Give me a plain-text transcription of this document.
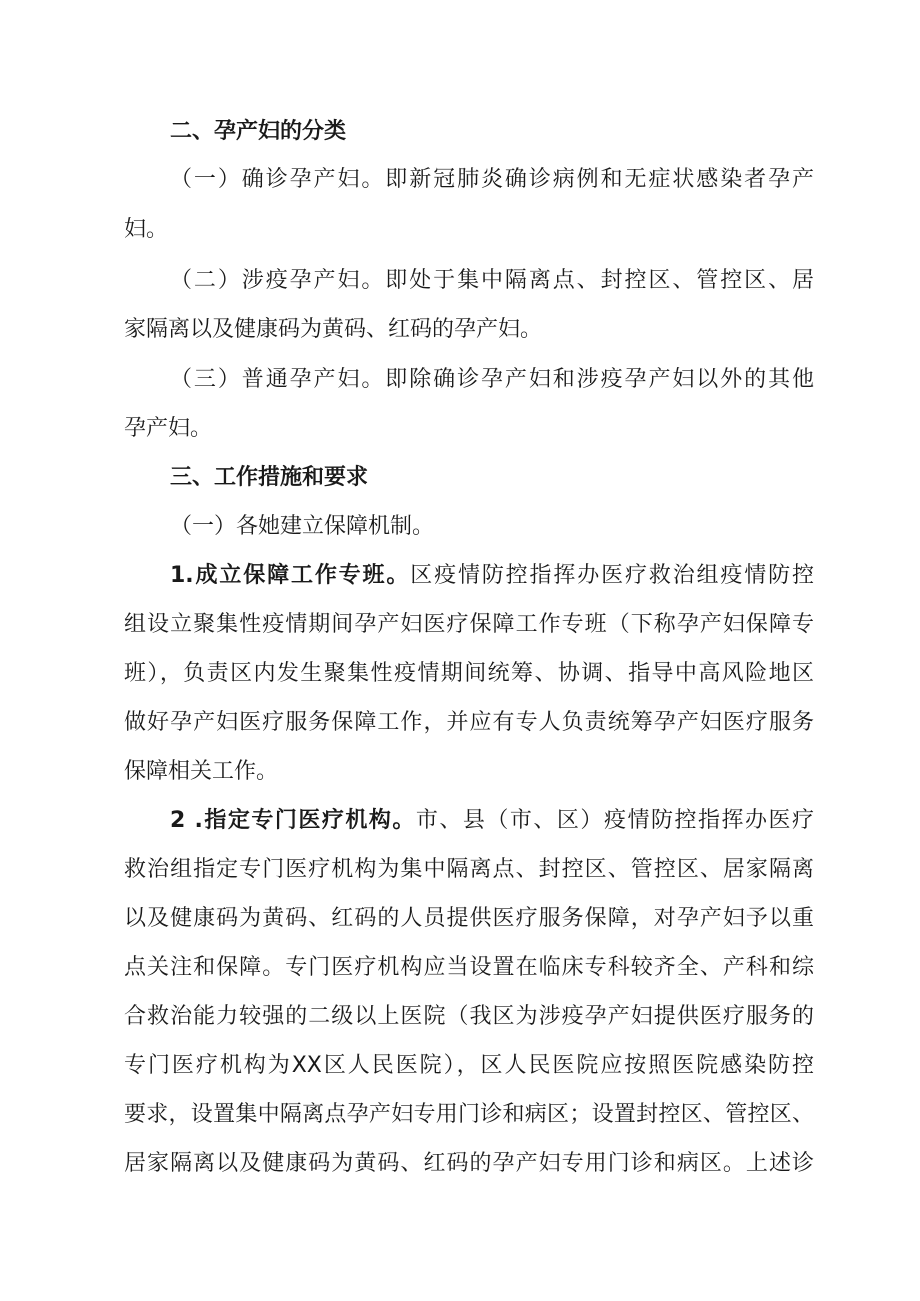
二、孕产妇的分类
（一）确诊孕产妇。即新冠肺炎确诊病例和无症状感染者孕产
妇。
（二）涉疫孕产妇。即处于集中隔离点、封控区、管控区、居
家隔离以及健康码为黄码、红码的孕产妇。
（三）普通孕产妇。即除确诊孕产妇和涉疫孕产妇以外的其他
孕产妇。
三、工作措施和要求
（一）各她建立保障机制。
1.成立保障工作专班。区疫情防控指挥办医疗救治组疫情防控
组设立聚集性疫情期间孕产妇医疗保障工作专班（下称孕产妇保障专
班），负责区内发生聚集性疫情期间统筹、协调、指导中高风险地区
做好孕产妇医疗服务保障工作，并应有专人负责统筹孕产妇医疗服务
保障相关工作。
2 .指定专门医疗机构。市、县（市、区）疫情防控指挥办医疗
救治组指定专门医疗机构为集中隔离点、封控区、管控区、居家隔离
以及健康码为黄码、红码的人员提供医疗服务保障，对孕产妇予以重
点关注和保障。专门医疗机构应当设置在临床专科较齐全、产科和综
合救治能力较强的二级以上医院（我区为涉疫孕产妇提供医疗服务的
专门医疗机构为XX区人民医院），区人民医院应按照医院感染防控
要求，设置集中隔离点孕产妇专用门诊和病区；设置封控区、管控区、
居家隔离以及健康码为黄码、红码的孕产妇专用门诊和病区。上述诊
